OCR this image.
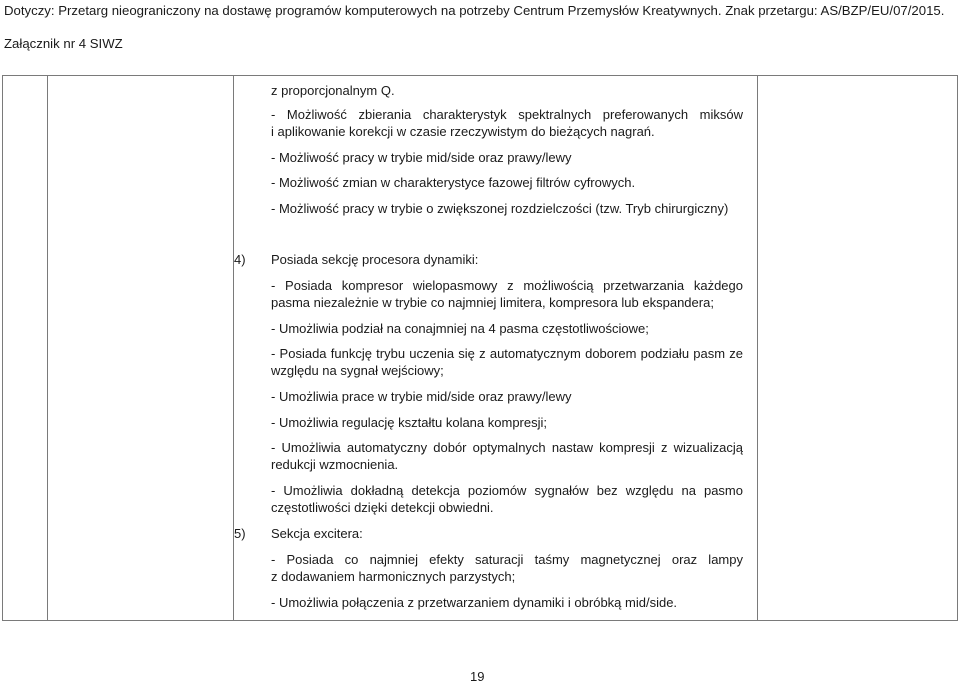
Dotyczy: Przetarg nieograniczony na dostawę programów komputerowych na potrzeby Centrum Przemysłów Kreatywnych. Znak przetargu: AS/BZP/EU/07/2015.
Załącznik nr 4 SIWZ
z proporcjonalnym Q.
- Możliwość zbierania charakterystyk spektralnych preferowanych miksów
i aplikowanie korekcji w czasie rzeczywistym do bieżących nagrań.
- Możliwość pracy w trybie mid/side oraz prawy/lewy
- Możliwość zmian w charakterystyce fazowej filtrów cyfrowych.
- Możliwość pracy w trybie o zwiększonej rozdzielczości (tzw. Tryb chirurgiczny)
4) Posiada sekcję procesora dynamiki:
- Posiada kompresor wielopasmowy z możliwością przetwarzania każdego
pasma niezależnie w trybie co najmniej limitera, kompresora lub ekspandera;
- Umożliwia podział na conajmniej na 4 pasma częstotliwościowe;
- Posiada funkcję trybu uczenia się z automatycznym doborem podziału pasm ze
względu na sygnał wejściowy;
- Umożliwia prace w trybie mid/side oraz prawy/lewy
- Umożliwia regulację kształtu kolana kompresji;
- Umożliwia automatyczny dobór optymalnych nastaw kompresji z wizualizacją
redukcji wzmocnienia.
- Umożliwia dokładną detekcja poziomów sygnałów bez względu na pasmo
częstotliwości dzięki detekcji obwiedni.
5) Sekcja excitera:
- Posiada co najmniej efekty saturacji taśmy magnetycznej oraz lampy
z dodawaniem harmonicznych parzystych;
- Umożliwia połączenia z przetwarzaniem dynamiki i obróbką mid/side.
19
